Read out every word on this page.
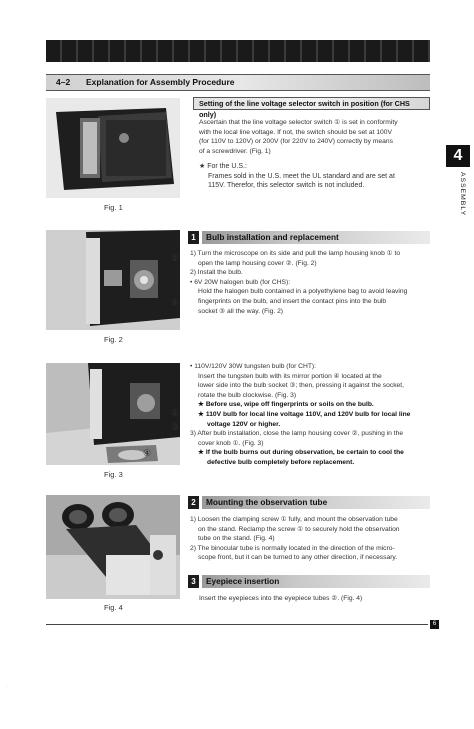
4–2 Explanation for Assembly Procedure
4
ASSEMBLY
Fig. 1
Setting of the line voltage selector switch in position (for CHS only)
Ascertain that the line voltage selector switch ① is set in conformity
with the local line voltage. If not, the switch should be set at 100V
(for 110V to 120V) or 200V (for 220V to 240V) correctly by means
of a screwdriver. (Fig. 1)
★ For the U.S.:
Frames sold in the U.S. meet the UL standard and are set at
115V. Therefor, this selector switch is not included.
②
①
Fig. 2
1	Bulb installation and replacement
1) Turn the microscope on its side and pull the lamp housing knob ① to
open the lamp housing cover ②. (Fig. 2)
2) Install the bulb.
• 6V 20W halogen bulb (for CHS):
Hold the halogen bulb contained in a polyethylene bag to avoid leaving
fingerprints on the bulb, and insert the contact pins into the bulb
socket ③ all the way. (Fig. 2)
②
③
④
Fig. 3
• 110V/120V 30W tungsten bulb (for CHT):
Insert the tungsten bulb with its mirror portion ④ located at the
lower side into the bulb socket ③; then, pressing it against the socket,
rotate the bulb clockwise. (Fig. 3)
★ Before use, wipe off fingerprints or soils on the bulb.
★ 110V bulb for local line voltage 110V, and 120V bulb for local line
voltage 120V or higher.
3) After bulb installation, close the lamp housing cover ②, pushing in the
cover knob ①. (Fig. 3)
★ If the bulb burns out during observation, be certain to cool the
defective bulb completely before replacement.
Fig. 4
2	Mounting the observation tube
1) Loosen the clamping screw ① fully, and mount the observation tube
on the stand. Reclamp the screw ① to securely hold the observation
tube on the stand. (Fig. 4)
2) The binocular tube is normally located in the direction of the micro-
scope front, but it can be turned to any other direction, if necessary.
3	Eyepiece insertion
Insert the eyepieces into the eyepiece tubes ②. (Fig. 4)
6
·
